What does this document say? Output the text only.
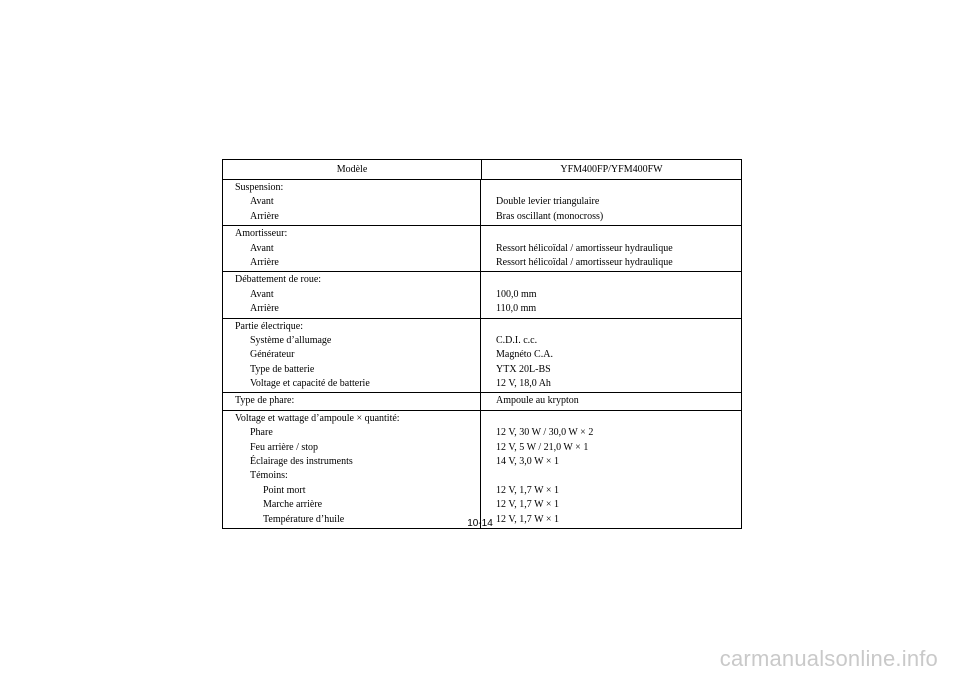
Modèle	YFM400FP/YFM400FW
Suspension:
Avant
Arrière
Amortisseur:
Avant
Arrière
Débattement de roue:
Avant
Arrière
Partie électrique:
Système d’allumage
Générateur
Type de batterie
Voltage et capacité de batterie
Type de phare:
Voltage et wattage d’ampoule × quantité:
Phare
Feu arrière / stop
Éclairage des instruments
Témoins:
Point mort
Marche arrière
Température d’huile
Double levier triangulaire
Bras oscillant (monocross)
Ressort hélicoïdal / amortisseur hydraulique
Ressort hélicoïdal / amortisseur hydraulique
100,0 mm
110,0 mm
C.D.I. c.c.
Magnéto C.A.
YTX 20L-BS
12 V, 18,0 Ah
Ampoule au krypton
12 V, 30 W / 30,0 W × 2
12 V, 5 W / 21,0 W × 1
14 V, 3,0 W × 1
12 V, 1,7 W × 1
12 V, 1,7 W × 1
12 V, 1,7 W × 1
10-14
carmanualsonline.info
